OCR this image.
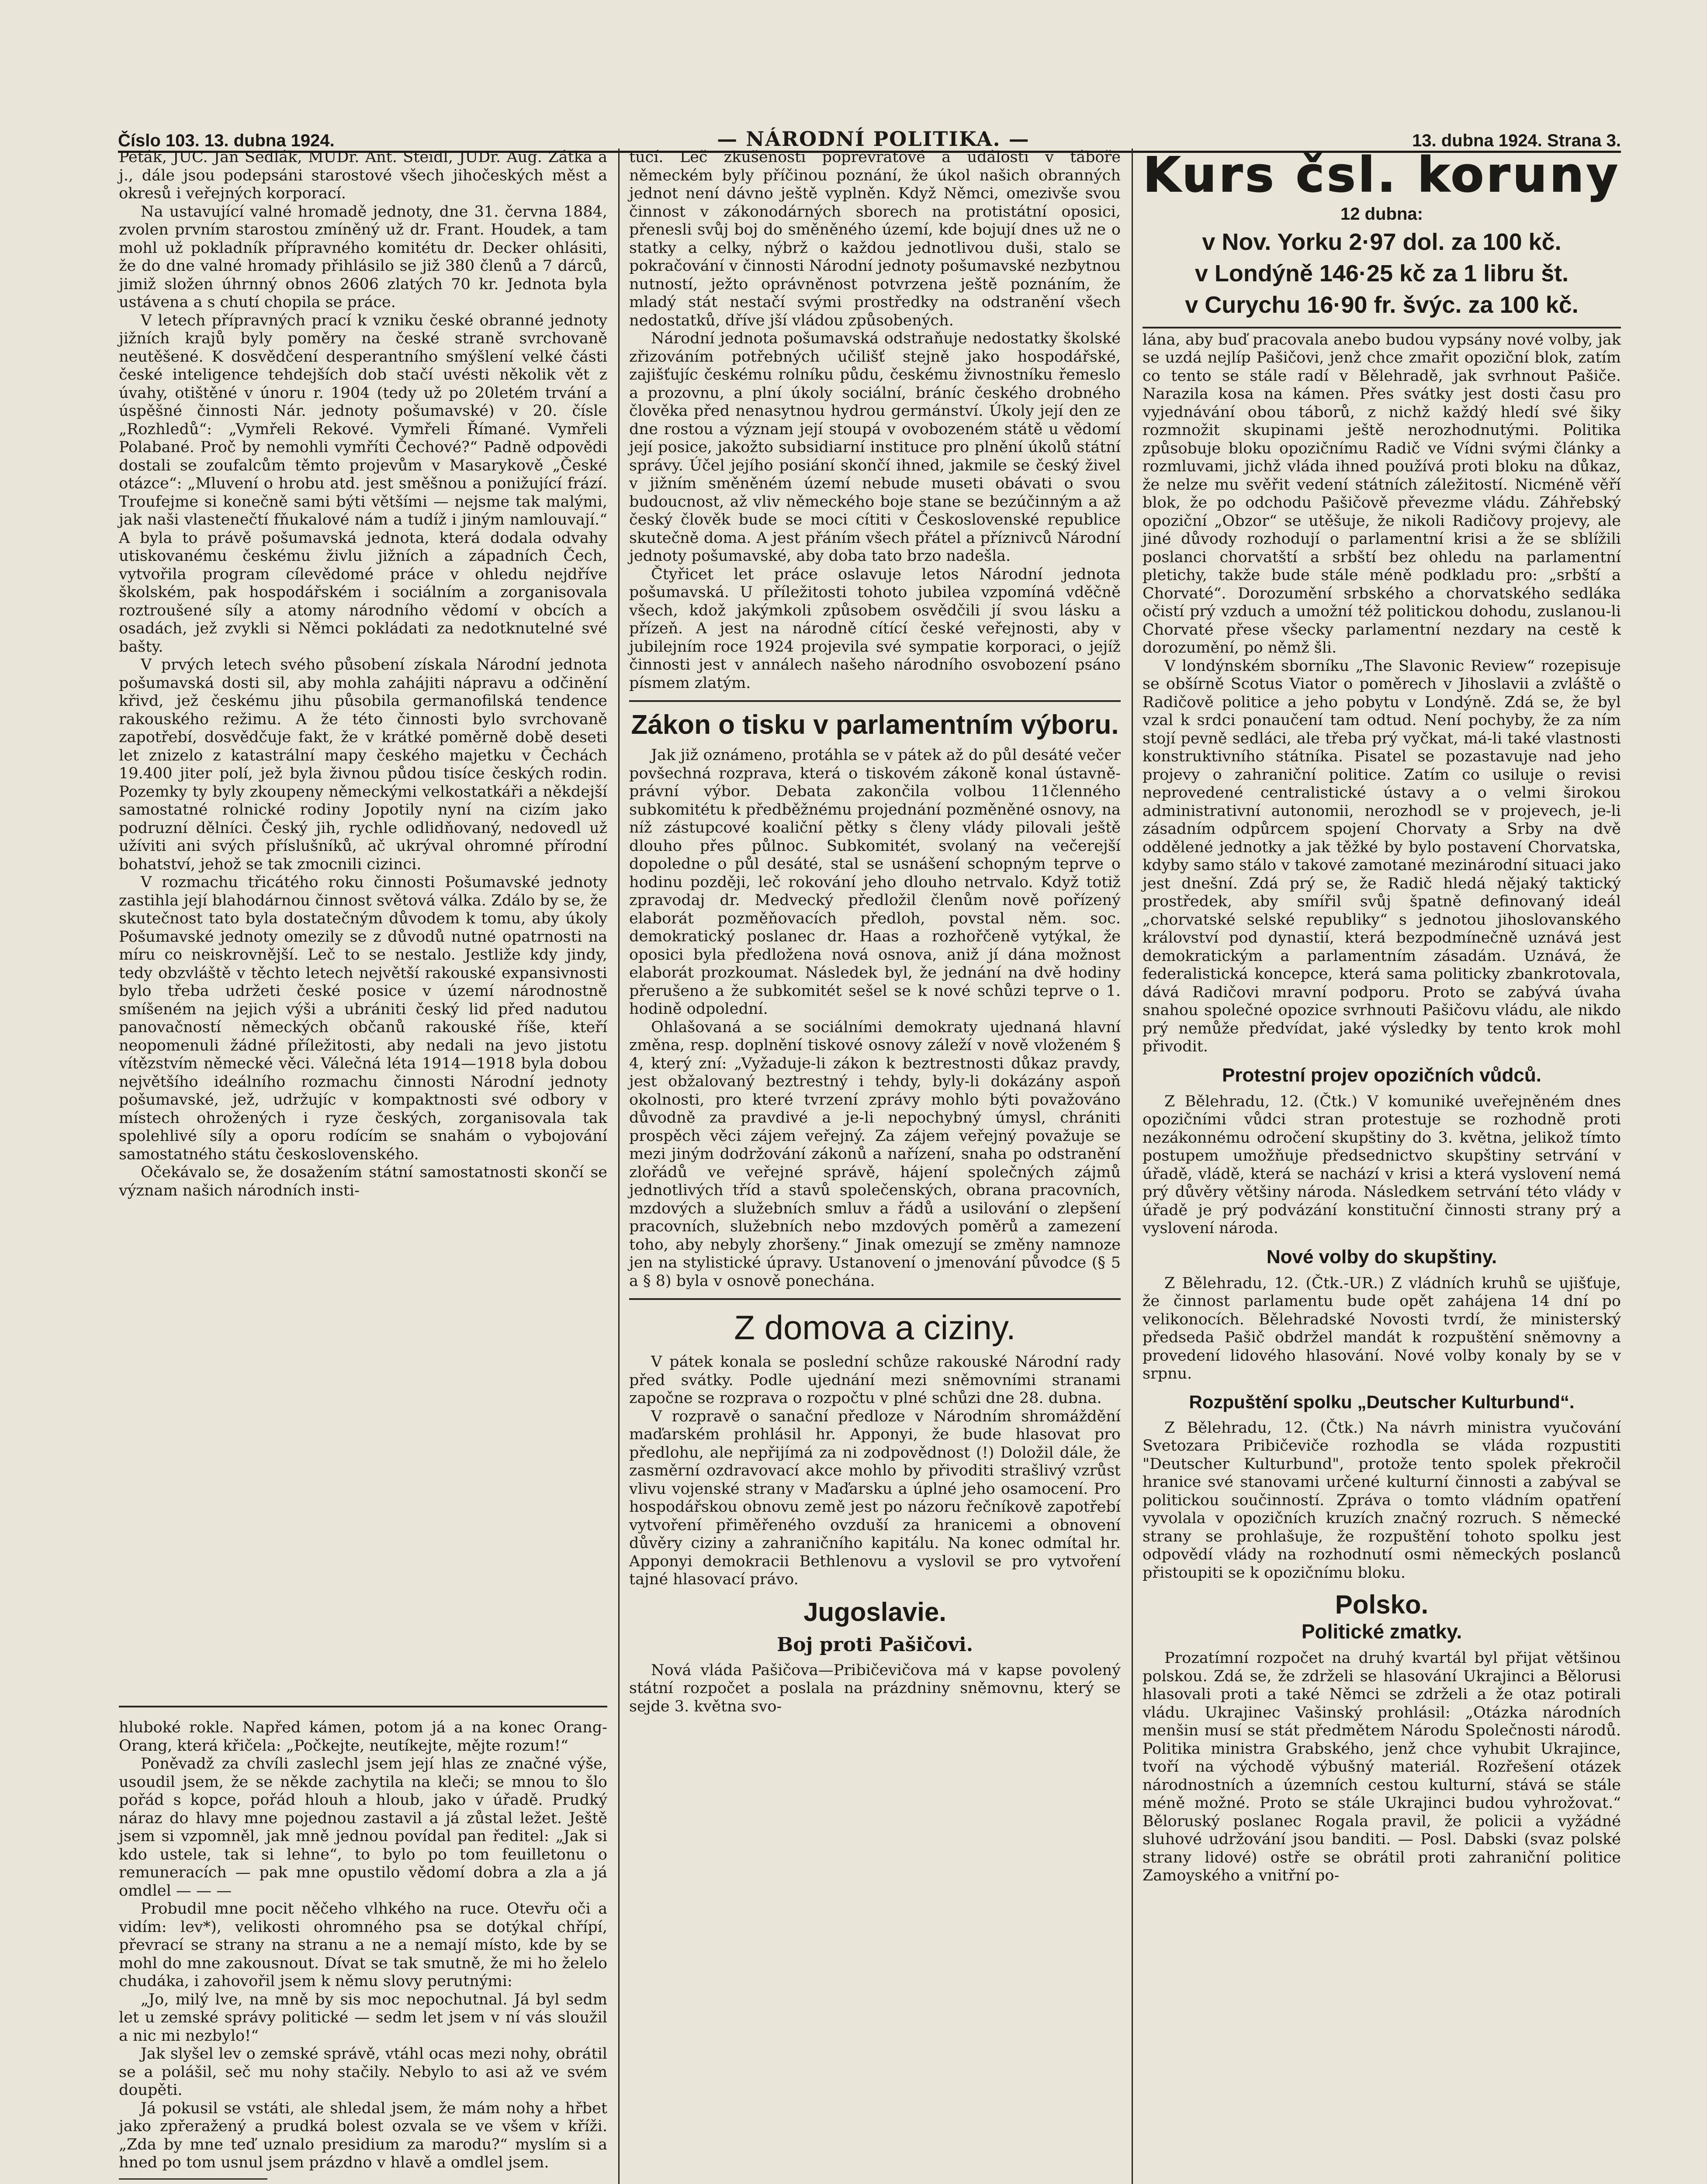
Číslo 103. 13. dubna 1924.	— NÁRODNÍ POLITIKA. —	13. dubna 1924. Strana 3.

Peták, JUC. Jan Sedlák, MUDr. Ant. Steidl, JUDr. Aug. Zátka a j., dále jsou podepsáni starostové všech jihočeských měst a okresů i veřejných korporací.

Na ustavující valné hromadě jednoty, dne 31. června 1884, zvolen prvním starostou zmíněný už dr. Frant. Houdek, a tam mohl už pokladník přípravného komitétu dr. Decker ohlásiti, že do dne valné hromady přihlásilo se již 380 členů a 7 dárců, jimiž složen úhrnný obnos 2606 zlatých 70 kr. Jednota byla ustávena a s chutí chopila se práce.

V letech přípravných prací k vzniku české obranné jednoty jižních krajů byly poměry na české straně svrchovaně neutěšené. K dosvědčení desperantního smýšlení velké části české inteligence tehdejších dob stačí uvésti několik vět z úvahy, otištěné v únoru r. 1904 (tedy už po 20letém trvání a úspěšné činnosti Nár. jednoty pošumavské) v 20. čísle „Rozhledů“: „Vymřeli Rekové. Vymřeli Římané. Vymřeli Polabané. Proč by nemohli vymříti Čechové?“ Padně odpovědi dostali se zoufalcům těmto projevům v Masarykově „České otázce“: „Mluvení o hrobu atd. jest směšnou a ponižující frází. Troufejme si konečně sami býti většími — nejsme tak malými, jak naši vlastenečtí fňukalové nám a tudíž i jiným namlouvají.“ A byla to právě pošumavská jednota, která dodala odvahy utiskovanému českému živlu jižních a západních Čech, vytvořila program cílevědomé práce v ohledu nejdříve školském, pak hospodářském i sociálním a zorganisovala roztroušené síly a atomy národního vědomí v obcích a osadách, jež zvykli si Němci pokládati za nedotknutelné své bašty.

V prvých letech svého působení získala Národní jednota pošumavská dosti sil, aby mohla zahájiti nápravu a odčinění křivd, jež českému jihu působila germanofilská tendence rakouského režimu. A že této činnosti bylo svrchovaně zapotřebí, dosvědčuje fakt, že v krátké poměrně době deseti let znizelo z katastrální mapy českého majetku v Čechách 19.400 jiter polí, jež byla živnou půdou tisíce českých rodin. Pozemky ty byly zkoupeny německými velkostatkáři a někdejší samostatné rolnické rodiny Jopotily nyní na cizím jako podruzní dělníci. Český jih, rychle odlidňovaný, nedovedl už užíviti ani svých příslušníků, ač ukrýval ohromné přírodní bohatství, jehož se tak zmocnili cizinci.

V rozmachu třicátého roku činnosti Pošumavské jednoty zastihla její blahodárnou činnost světová válka. Zdálo by se, že skutečnost tato byla dostatečným důvodem k tomu, aby úkoly Pošumavské jednoty omezily se z důvodů nutné opatrnosti na míru co neiskrovnější. Leč to se nestalo. Jestliže kdy jindy, tedy obzvláště v těchto letech největší rakouské expansivnosti bylo třeba udržeti české posice v území národnostně smíšeném na jejich výši a ubrániti český lid před nadutou panovačností německých občanů rakouské říše, kteří neopomenuli žádné příležitosti, aby nedali na jevo jistotu vítězstvím německé věci. Válečná léta 1914—1918 byla dobou největšího ideálního rozmachu činnosti Národní jednoty pošumavské, jež, udržujíc v kompaktnosti své odbory v místech ohrožených i ryze českých, zorganisovala tak spolehlivé síly a oporu rodícím se snahám o vybojování samostatného státu československého.

Očekávalo se, že dosažením státní samostatnosti skončí se význam našich národních insti-

hluboké rokle. Napřed kámen, potom já a na konec Orang-Orang, která křičela: „Počkejte, neutíkejte, mějte rozum!“

Poněvadž za chvíli zaslechl jsem její hlas ze značné výše, usoudil jsem, že se někde zachytila na kleči; se mnou to šlo pořád s kopce, pořád hlouh a hloub, jako v úřadě. Prudký náraz do hlavy mne pojednou zastavil a já zůstal ležet. Ještě jsem si vzpomněl, jak mně jednou povídal pan ředitel: „Jak si kdo ustele, tak si lehne“, to bylo po tom feuilletonu o remuneracích — pak mne opustilo vědomí dobra a zla a já omdlel — — —

Probudil mne pocit něčeho vlhkého na ruce. Otevřu oči a vidím: lev*), velikosti ohromného psa se dotýkal chřípí, převrací se strany na stranu a ne a nemají místo, kde by se mohl do mne zakousnout. Dívat se tak smutně, že mi ho želelo chudáka, i zahovořil jsem k němu slovy perutnými:

„Jo, milý lve, na mně by sis moc nepochutnal. Já byl sedm let u zemské správy politické — sedm let jsem v ní vás sloužil a nic mi nezbylo!“

Jak slyšel lev o zemské správě, vtáhl ocas mezi nohy, obrátil se a polášil, seč mu nohy stačily. Nebylo to asi až ve svém doupěti.

Já pokusil se vstáti, ale shledal jsem, že mám nohy a hřbet jako zpřeražený a prudká bolest ozvala se ve všem v kříži. „Zda by mne teď uznalo presidium za marodu?“ myslím si a hned po tom usnul jsem prázdno v hlavě a omdlel jsem.

tucí. Leč zkušenosti poprevratové a události v táboře německém byly příčinou poznání, že úkol našich obranných jednot není dávno ještě vyplněn. Když Němci, omezivše svou činnost v zákonodárných sborech na protistátní oposici, přenesli svůj boj do směněného území, kde bojují dnes už ne o statky a celky, nýbrž o každou jednotlivou duši, stalo se pokračování v činnosti Národní jednoty pošumavské nezbytnou nutností, ježto oprávněnost potvrzena ještě poznáním, že mladý stát nestačí svými prostředky na odstranění všech nedostatků, dříve jší vládou způsobených.

Národní jednota pošumavská odstraňuje nedostatky školské zřizováním potřebných učilišť stejně jako hospodářské, zajišťujíc českému rolníku půdu, českému živnostníku řemeslo a prozovnu, a plní úkoly sociální, bráníc českého drobného člověka před nenasytnou hydrou germánství. Úkoly její den ze dne rostou a význam její stoupá v ovobozeném státě u vědomí její posice, jakožto subsidiarní instituce pro plnění úkolů státní správy. Účel jejího posiání skončí ihned, jakmile se český živel v jižním směněném území nebude museti obávati o svou budoucnost, až vliv německého boje stane se bezúčinným a až český člověk bude se moci cítiti v Československé republice skutečně doma. A jest přáním všech přátel a příznivců Národní jednoty pošumavské, aby doba tato brzo nadešla.

Čtyřicet let práce oslavuje letos Národní jednota pošumavská. U příležitosti tohoto jubilea vzpomíná vděčně všech, kdož jakýmkoli způsobem osvědčili jí svou lásku a přízeň. A jest na národně cítící české veřejnosti, aby v jubilejním roce 1924 projevila své sympatie korporaci, o jejíž činnosti jest v annálech našeho národního osvobození psáno písmem zlatým.

Zákon o tisku v parlamentním výboru.

Jak již oznámeno, protáhla se v pátek až do půl desáté večer povšechná rozprava, která o tiskovém zákoně konal ústavně-právní výbor. Debata zakončila volbou 11členného subkomitétu k předběžnému projednání pozměněné osnovy, na níž zástupcové koaliční pětky s členy vlády pilovali ještě dlouho přes půlnoc. Subkomitét, svolaný na večerejší dopoledne o půl desáté, stal se usnášení schopným teprve o hodinu později, leč rokování jeho dlouho netrvalo. Když totiž zpravodaj dr. Medvecký předložil členům nově pořízený elaborát pozměňovacích předloh, povstal něm. soc. demokratický poslanec dr. Haas a rozhořčeně vytýkal, že oposici byla předložena nová osnova, aniž jí dána možnost elaborát prozkoumat. Následek byl, že jednání na dvě hodiny přerušeno a že subkomitét sešel se k nové schůzi teprve o 1. hodině odpolední.

Ohlašovaná a se sociálními demokraty ujednaná hlavní změna, resp. doplnění tiskové osnovy záleží v nově vloženém § 4, který zní: „Vyžaduje-li zákon k beztrestnosti důkaz pravdy, jest obžalovaný beztrestný i tehdy, byly-li dokázány aspoň okolnosti, pro které tvrzení zprávy mohlo býti považováno důvodně za pravdivé a je-li nepochybný úmysl, chrániti prospěch věci zájem veřejný. Za zájem veřejný považuje se mezi jiným dodržování zákonů a nařízení, snaha po odstranění zlořádů ve veřejné správě, hájení společných zájmů jednotlivých tříd a stavů společenských, obrana pracovních, mzdových a služebních smluv a řádů a usilování o zlepšení pracovních, služebních nebo mzdových poměrů a zamezení toho, aby nebyly zhoršeny.“ Jinak omezují se změny namnoze jen na stylistické úpravy. Ustanovení o jmenování původce (§ 5 a § 8) byla v osnově ponechána.

Z domova a ciziny.

V pátek konala se poslední schůze rakouské Národní rady před svátky. Podle ujednání mezi sněmovními stranami započne se rozprava o rozpočtu v plné schůzi dne 28. dubna.

V rozpravě o sanační předloze v Národním shromáždění maďarském prohlásil hr. Apponyi, že bude hlasovat pro předlohu, ale nepřijímá za ni zodpovědnost (!) Doložil dále, že zasměrní ozdravovací akce mohlo by přivoditi strašlivý vzrůst vlivu vojenské strany v Maďarsku a úplné jeho osamocení. Pro hospodářskou obnovu země jest po názoru řečníkově zapotřebí vytvoření přiměřeného ovzduší za hranicemi a obnovení důvěry ciziny a zahraničního kapitálu. Na konec odmítal hr. Apponyi demokracii Bethlenovu a vyslovil se pro vytvoření tajné hlasovací právo.

Jugoslavie.
Boj proti Pašičovi.

Nová vláda Pašičova—Pribičevičova má v kapse povolený státní rozpočet a poslala na prázdniny sněmovnu, který se sejde 3. května svo-

Kurs čsl. koruny
12 dubna:
v Nov. Yorku 2·97 dol. za 100 kč.
v Londýně 146·25 kč za 1 libru št.
v Curychu 16·90 fr. švýc. za 100 kč.

lána, aby buď pracovala anebo budou vypsány nové volby, jak se uzdá nejlíp Pašičovi, jenž chce zmařit opoziční blok, zatím co tento se stále radí v Bělehradě, jak svrhnout Pašiče. Narazila kosa na kámen. Přes svátky jest dosti času pro vyjednávání obou táborů, z nichž každý hledí své šiky rozmnožit skupinami ještě nerozhodnutými. Politika způsobuje bloku opozičnímu Radič ve Vídni svými články a rozmluvami, jichž vláda ihned používá proti bloku na důkaz, že nelze mu svěřit vedení státních záležitostí. Nicméně věří blok, že po odchodu Pašičově převezme vládu. Záhřebský opoziční „Obzor“ se utěšuje, že nikoli Radičovy projevy, ale jiné důvody rozhodují o parlamentní krisi a že se sblížili poslanci chorvatští a srbští bez ohledu na parlamentní pletichy, takže bude stále méně podkladu pro: „srbští a Chorvaté“. Dorozumění srbského a chorvatského sedláka očistí prý vzduch a umožní též politickou dohodu, zuslanou-li Chorvaté přese všecky parlamentní nezdary na cestě k dorozumění, po němž šli.

V londýnském sborníku „The Slavonic Review“ rozepisuje se obšírně Scotus Viator o poměrech v Jihoslavii a zvláště o Radičově politice a jeho pobytu v Londýně. Zdá se, že byl vzal k srdci ponaučení tam odtud. Není pochyby, že za ním stojí pevně sedláci, ale třeba prý vyčkat, má-li také vlastnosti konstruktivního státníka. Pisatel se pozastavuje nad jeho projevy o zahraniční politice. Zatím co usiluje o revisi neprovedené centralistické ústavy a o velmi širokou administrativní autonomii, nerozhodl se v projevech, je-li zásadním odpůrcem spojení Chorvaty a Srby na dvě oddělené jednotky a jak těžké by bylo postavení Chorvatska, kdyby samo stálo v takové zamotané mezinárodní situaci jako jest dnešní. Zdá prý se, že Radič hledá nějaký taktický prostředek, aby smířil svůj špatně definovaný ideál „chorvatské selské republiky“ s jednotou jihoslovanského království pod dynastií, která bezpodmínečně uznává jest demokratickým a parlamentním zásadám. Uznává, že federalistická koncepce, která sama politicky zbankrotovala, dává Radičovi mravní podporu. Proto se zabývá úvaha snahou společné opozice svrhnouti Pašičovu vládu, ale nikdo prý nemůže předvídat, jaké výsledky by tento krok mohl přivodit.

Protestní projev opozičních vůdců.

Z Bělehradu, 12. (Čtk.) V komuniké uveřejněném dnes opozičními vůdci stran protestuje se rozhodně proti nezákonnému odročení skupštiny do 3. května, jelikož tímto postupem umožňuje předsednictvo skupštiny setrvání v úřadě, vládě, která se nachází v krisi a která vyslovení nemá prý důvěry většiny národa. Následkem setrvání této vlády v úřadě je prý podvázání konstituční činnosti strany prý a vyslovení národa.

Nové volby do skupštiny.

Z Bělehradu, 12. (Čtk.-UR.) Z vládních kruhů se ujišťuje, že činnost parlamentu bude opět zahájena 14 dní po velikonocích. Bělehradské Novosti tvrdí, že ministerský předseda Pašič obdržel mandát k rozpuštění sněmovny a provedení lidového hlasování. Nové volby konaly by se v srpnu.

Rozpuštění spolku „Deutscher Kulturbund“.

Z Bělehradu, 12. (Čtk.) Na návrh ministra vyučování Svetozara Pribičeviče rozhodla se vláda rozpustiti "Deutscher Kulturbund", protože tento spolek překročil hranice své stanovami určené kulturní činnosti a zabýval se politickou součinností. Zpráva o tomto vládním opatření vyvolala v opozičních kruzích značný rozruch. S německé strany se prohlašuje, že rozpuštění tohoto spolku jest odpovědí vlády na rozhodnutí osmi německých poslanců přistoupiti se k opozičnímu bloku.

Polsko.
Politické zmatky.

Prozatímní rozpočet na druhý kvartál byl přijat většinou polskou. Zdá se, že zdrželi se hlasování Ukrajinci a Bělorusi hlasovali proti a také Němci se zdrželi a že otaz potirali vládu. Ukrajinec Vašinský prohlásil: „Otázka národních menšin musí se stát předmětem Národu Společnosti národů. Politika ministra Grabského, jenž chce vyhubit Ukrajince, tvoří na východě výbušný materiál. Rozřešení otázek národnostních a územních cestou kulturní, stává se stále méně možné. Proto se stále Ukrajinci budou vyhrožovat.“ Běloruský poslanec Rogala pravil, že policii a vyžádné sluhové udržování jsou banditi. — Posl. Dabski (svaz polské strany lidové) ostře se obrátil proti zahraniční politice Zamoyského a vnitřní po-
